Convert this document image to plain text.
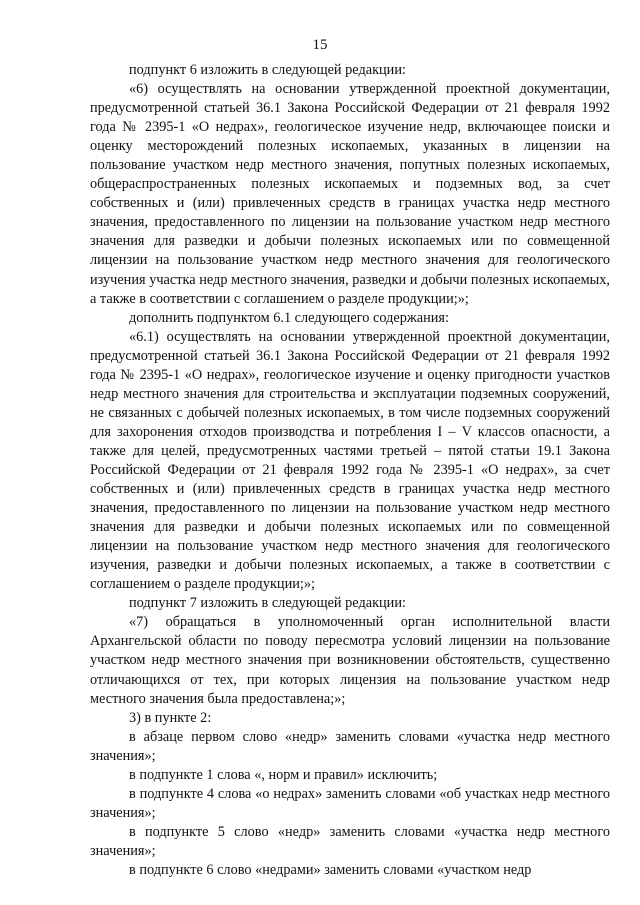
15

подпункт 6 изложить в следующей редакции:

«6) осуществлять на основании утвержденной проектной документации, предусмотренной статьей 36.1 Закона Российской Федерации от 21 февраля 1992 года № 2395-1 «О недрах», геологическое изучение недр, включающее поиски и оценку месторождений полезных ископаемых, указанных в лицензии на пользование участком недр местного значения, попутных полезных ископаемых, общераспространенных полезных ископаемых и подземных вод, за счет собственных и (или) привлеченных средств в границах участка недр местного значения, предоставленного по лицензии на пользование участком недр местного значения для разведки и добычи полезных ископаемых или по совмещенной лицензии на пользование участком недр местного значения для геологического изучения участка недр местного значения, разведки и добычи полезных ископаемых, а также в соответствии с соглашением о разделе продукции;»;

дополнить подпунктом 6.1 следующего содержания:

«6.1) осуществлять на основании утвержденной проектной документации, предусмотренной статьей 36.1 Закона Российской Федерации от 21 февраля 1992 года № 2395-1 «О недрах», геологическое изучение и оценку пригодности участков недр местного значения для строительства и эксплуатации подземных сооружений, не связанных с добычей полезных ископаемых, в том числе подземных сооружений для захоронения отходов производства и потребления I – V классов опасности, а также для целей, предусмотренных частями третьей – пятой статьи 19.1 Закона Российской Федерации от 21 февраля 1992 года № 2395-1 «О недрах», за счет собственных и (или) привлеченных средств в границах участка недр местного значения, предоставленного по лицензии на пользование участком недр местного значения для разведки и добычи полезных ископаемых или по совмещенной лицензии на пользование участком недр местного значения для геологического изучения, разведки и добычи полезных ископаемых, а также в соответствии с соглашением о разделе продукции;»;

подпункт 7 изложить в следующей редакции:

«7) обращаться в уполномоченный орган исполнительной власти Архангельской области по поводу пересмотра условий лицензии на пользование участком недр местного значения при возникновении обстоятельств, существенно отличающихся от тех, при которых лицензия на пользование участком недр местного значения была предоставлена;»;

3) в пункте 2:

в абзаце первом слово «недр» заменить словами «участка недр местного значения»;

в подпункте 1 слова «, норм и правил» исключить;

в подпункте 4 слова «о недрах» заменить словами «об участках недр местного значения»;

в подпункте 5 слово «недр» заменить словами «участка недр местного значения»;

в подпункте 6 слово «недрами» заменить словами «участком недр
